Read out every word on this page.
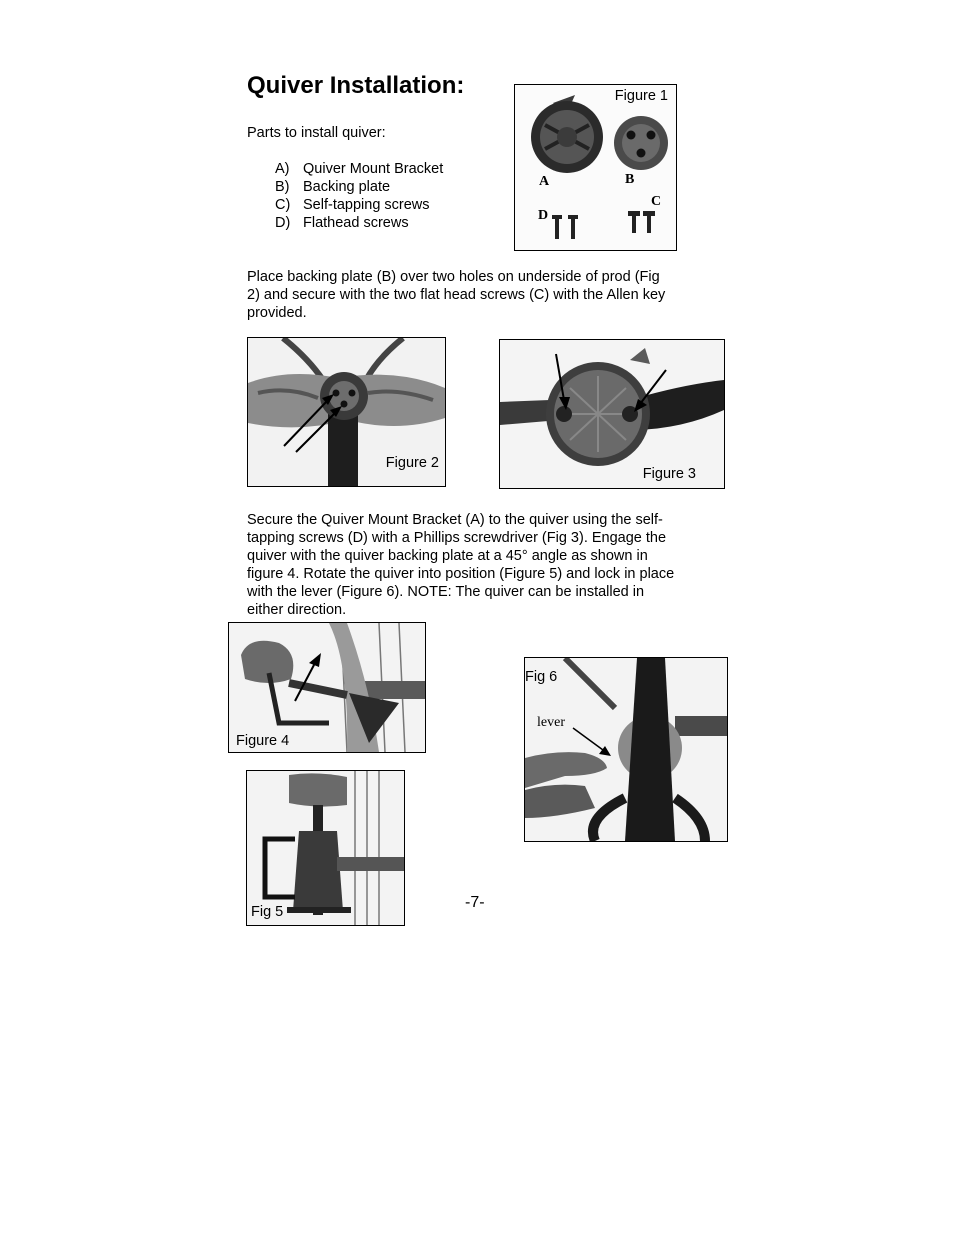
Quiver Installation:
Parts to install quiver:
A) Quiver Mount Bracket
B) Backing plate
C) Self-tapping screws
D) Flathead screws
Figure 1
A	B
C
D
Place backing plate (B) over two holes on underside of prod (Fig
2) and secure with the two flat head screws (C) with the Allen key
provided.
Figure 2
Figure 3
Secure the Quiver Mount Bracket (A) to the quiver using the self-
tapping screws (D) with a Phillips screwdriver (Fig 3). Engage the
quiver with the quiver backing plate at a 45° angle as shown in
figure 4. Rotate the quiver into position (Figure 5) and lock in place
with the lever (Figure 6). NOTE: The quiver can be installed in
either direction.
Figure 4
Fig 5
Fig 6
lever
-7-
